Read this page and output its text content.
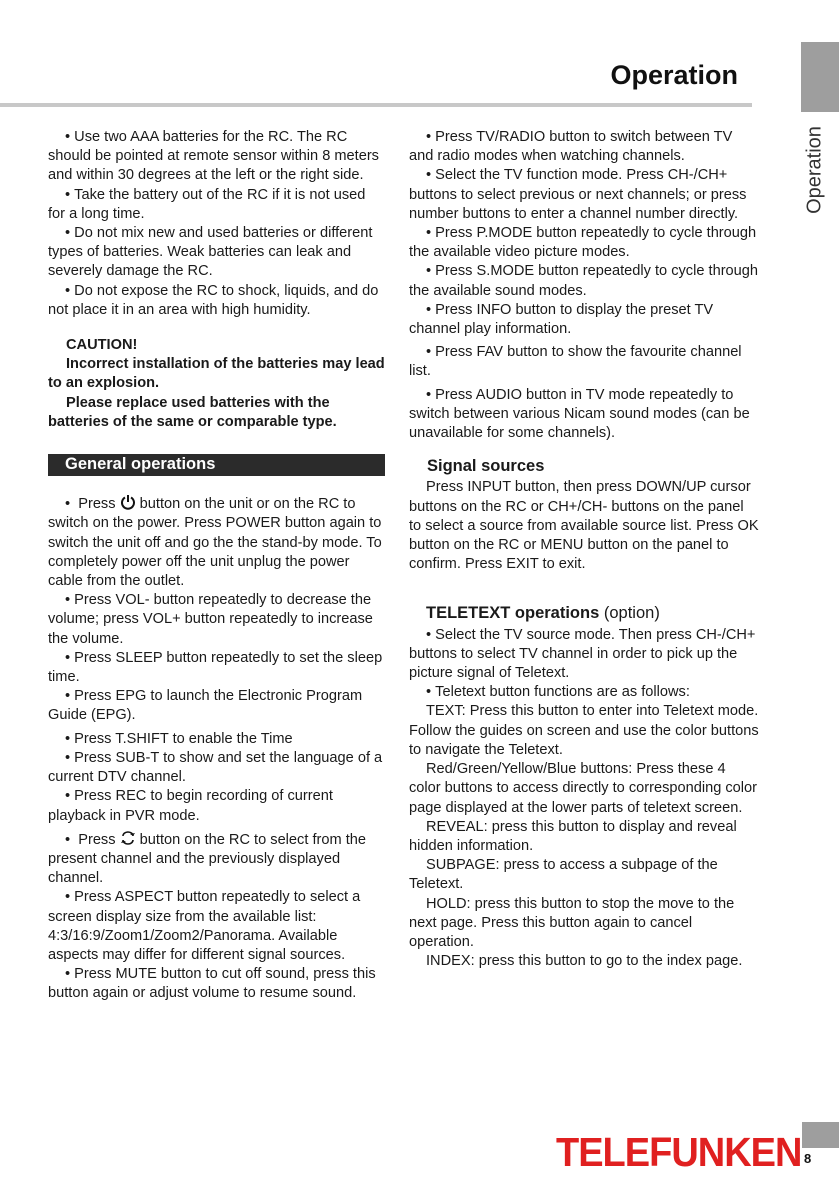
Operation
Operation

• Use two AAA batteries for the RC. The RC should be pointed at remote sensor within 8 meters and within 30 degrees at the left or the right side.

• Take the battery out of the RC if it is not used for a long time.

• Do not mix new and used batteries or different types of batteries. Weak batteries can leak and severely damage the RC.

• Do not expose the RC to shock, liquids, and do not place it in an area with high humidity.

CAUTION!

Incorrect installation of the batteries may lead to an explosion.

Please replace used batteries with the batteries of the same or comparable type.

General operations

•  Press button on the unit or on the RC to switch on the power. Press POWER button again to switch the unit off and go the the stand-by mode. To completely power off the unit unplug the power cable from the outlet.

• Press VOL- button repeatedly to decrease the volume; press VOL+ button repeatedly to increase the volume.

• Press SLEEP button repeatedly to set the sleep time.

• Press EPG to launch the Electronic Program Guide (EPG).

• Press T.SHIFT to enable the Time

• Press SUB-T to show and set the language of a current DTV channel.

• Press REC to begin recording of current playback in PVR mode.

•  Press button on the RC to select from the present channel and the previously displayed channel.

• Press ASPECT button repeatedly to select a screen display size from the available list: 4:3/16:9/Zoom1/Zoom2/Panorama. Available aspects may differ for different signal sources.

• Press MUTE button to cut off sound, press this button again or adjust volume to resume sound.

• Press TV/RADIO button to switch between TV and radio modes when watching channels.

• Select the TV function mode. Press CH-/CH+ buttons to select previous or next channels; or press number buttons to enter a channel number directly.

• Press P.MODE button repeatedly to cycle through the available video picture modes.

• Press S.MODE button repeatedly to cycle through the available sound modes.

• Press INFO button to display the preset TV channel play information.

• Press FAV button to show the favourite channel list.

• Press AUDIO button in TV mode repeatedly to switch between various Nicam sound modes (can be unavailable for some channels).

Signal sources

Press INPUT button, then press DOWN/UP cursor buttons on the RC or CH+/CH- buttons on the panel to select a source from available source list. Press OK button on the RC or MENU button on the panel to confirm. Press EXIT to exit.

TELETEXT operations (option)

• Select the TV source mode. Then press CH-/CH+ buttons to select TV channel in order to pick up the picture signal of Teletext.

• Teletext button functions are as follows:

TEXT: Press this button to enter into Teletext mode. Follow the guides on screen and use the color buttons to navigate the Teletext.

Red/Green/Yellow/Blue buttons: Press these 4 color buttons to access directly to corresponding color page displayed at the lower parts of teletext screen.

REVEAL: press this button to display and reveal hidden information.

SUBPAGE: press to access a subpage of the Teletext.

HOLD: press this button to stop the move to the next page. Press this button again to cancel operation.

INDEX: press this button to go to the index page.

TELEFUNKEN 8
